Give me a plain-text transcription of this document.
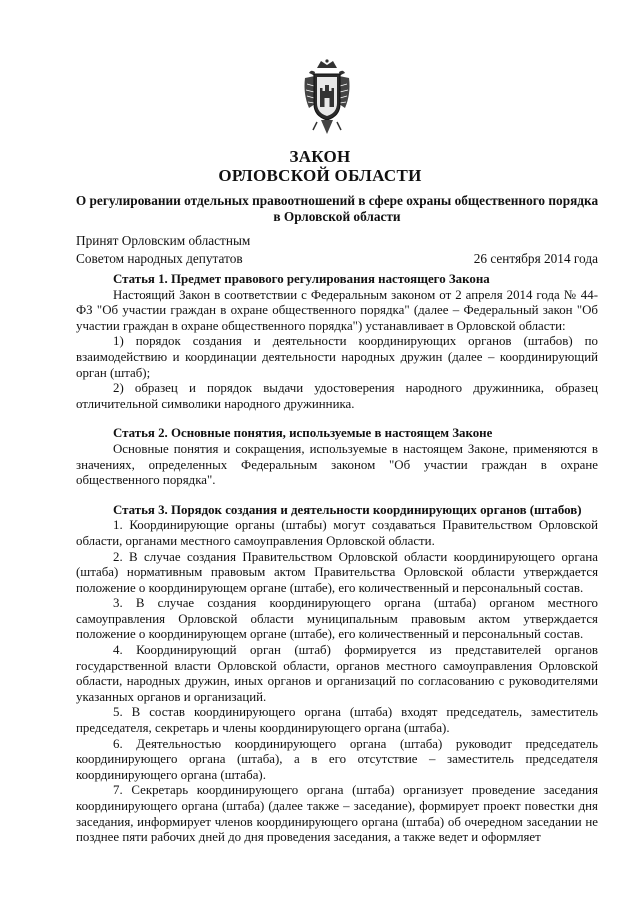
ЗАКОН
ОРЛОВСКОЙ ОБЛАСТИ
О регулировании отдельных правоотношений в сфере охраны общественного порядка в Орловской области
Принят Орловским областным
Советом народных депутатов	26 сентября 2014 года
Статья 1. Предмет правового регулирования настоящего Закона

Настоящий Закон в соответствии с Федеральным законом от 2 апреля 2014 года № 44-ФЗ "Об участии граждан в охране общественного порядка" (далее – Федеральный закон "Об участии граждан в охране общественного порядка") устанавливает в Орловской области:

1) порядок создания и деятельности координирующих органов (штабов) по взаимодействию и координации деятельности народных дружин (далее – координирующий орган (штаб);

2) образец и порядок выдачи удостоверения народного дружинника, образец отличительной символики народного дружинника.

Статья 2. Основные понятия, используемые в настоящем Законе

Основные понятия и сокращения, используемые в настоящем Законе, применяются в значениях, определенных Федеральным законом "Об участии граждан в охране общественного порядка".

Статья 3. Порядок создания и деятельности координирующих органов (штабов)

1. Координирующие органы (штабы) могут создаваться Правительством Орловской области, органами местного самоуправления Орловской области.

2. В случае создания Правительством Орловской области координирующего органа (штаба) нормативным правовым актом Правительства Орловской области утверждается положение о координирующем органе (штабе), его количественный и персональный состав.

3. В случае создания координирующего органа (штаба) органом местного самоуправления Орловской области муниципальным правовым актом утверждается положение о координирующем органе (штабе), его количественный и персональный состав.

4. Координирующий орган (штаб) формируется из представителей органов государственной власти Орловской области, органов местного самоуправления Орловской области, народных дружин, иных органов и организаций по согласованию с руководителями указанных органов и организаций.

5. В состав координирующего органа (штаба) входят председатель, заместитель председателя, секретарь и члены координирующего органа (штаба).

6. Деятельностью координирующего органа (штаба) руководит председатель координирующего органа (штаба), а в его отсутствие – заместитель председателя координирующего органа (штаба).

7. Секретарь координирующего органа (штаба) организует проведение заседания координирующего органа (штаба) (далее также – заседание), формирует проект повестки дня заседания, информирует членов координирующего органа (штаба) об очередном заседании не позднее пяти рабочих дней до дня проведения заседания, а также ведет и оформляет
